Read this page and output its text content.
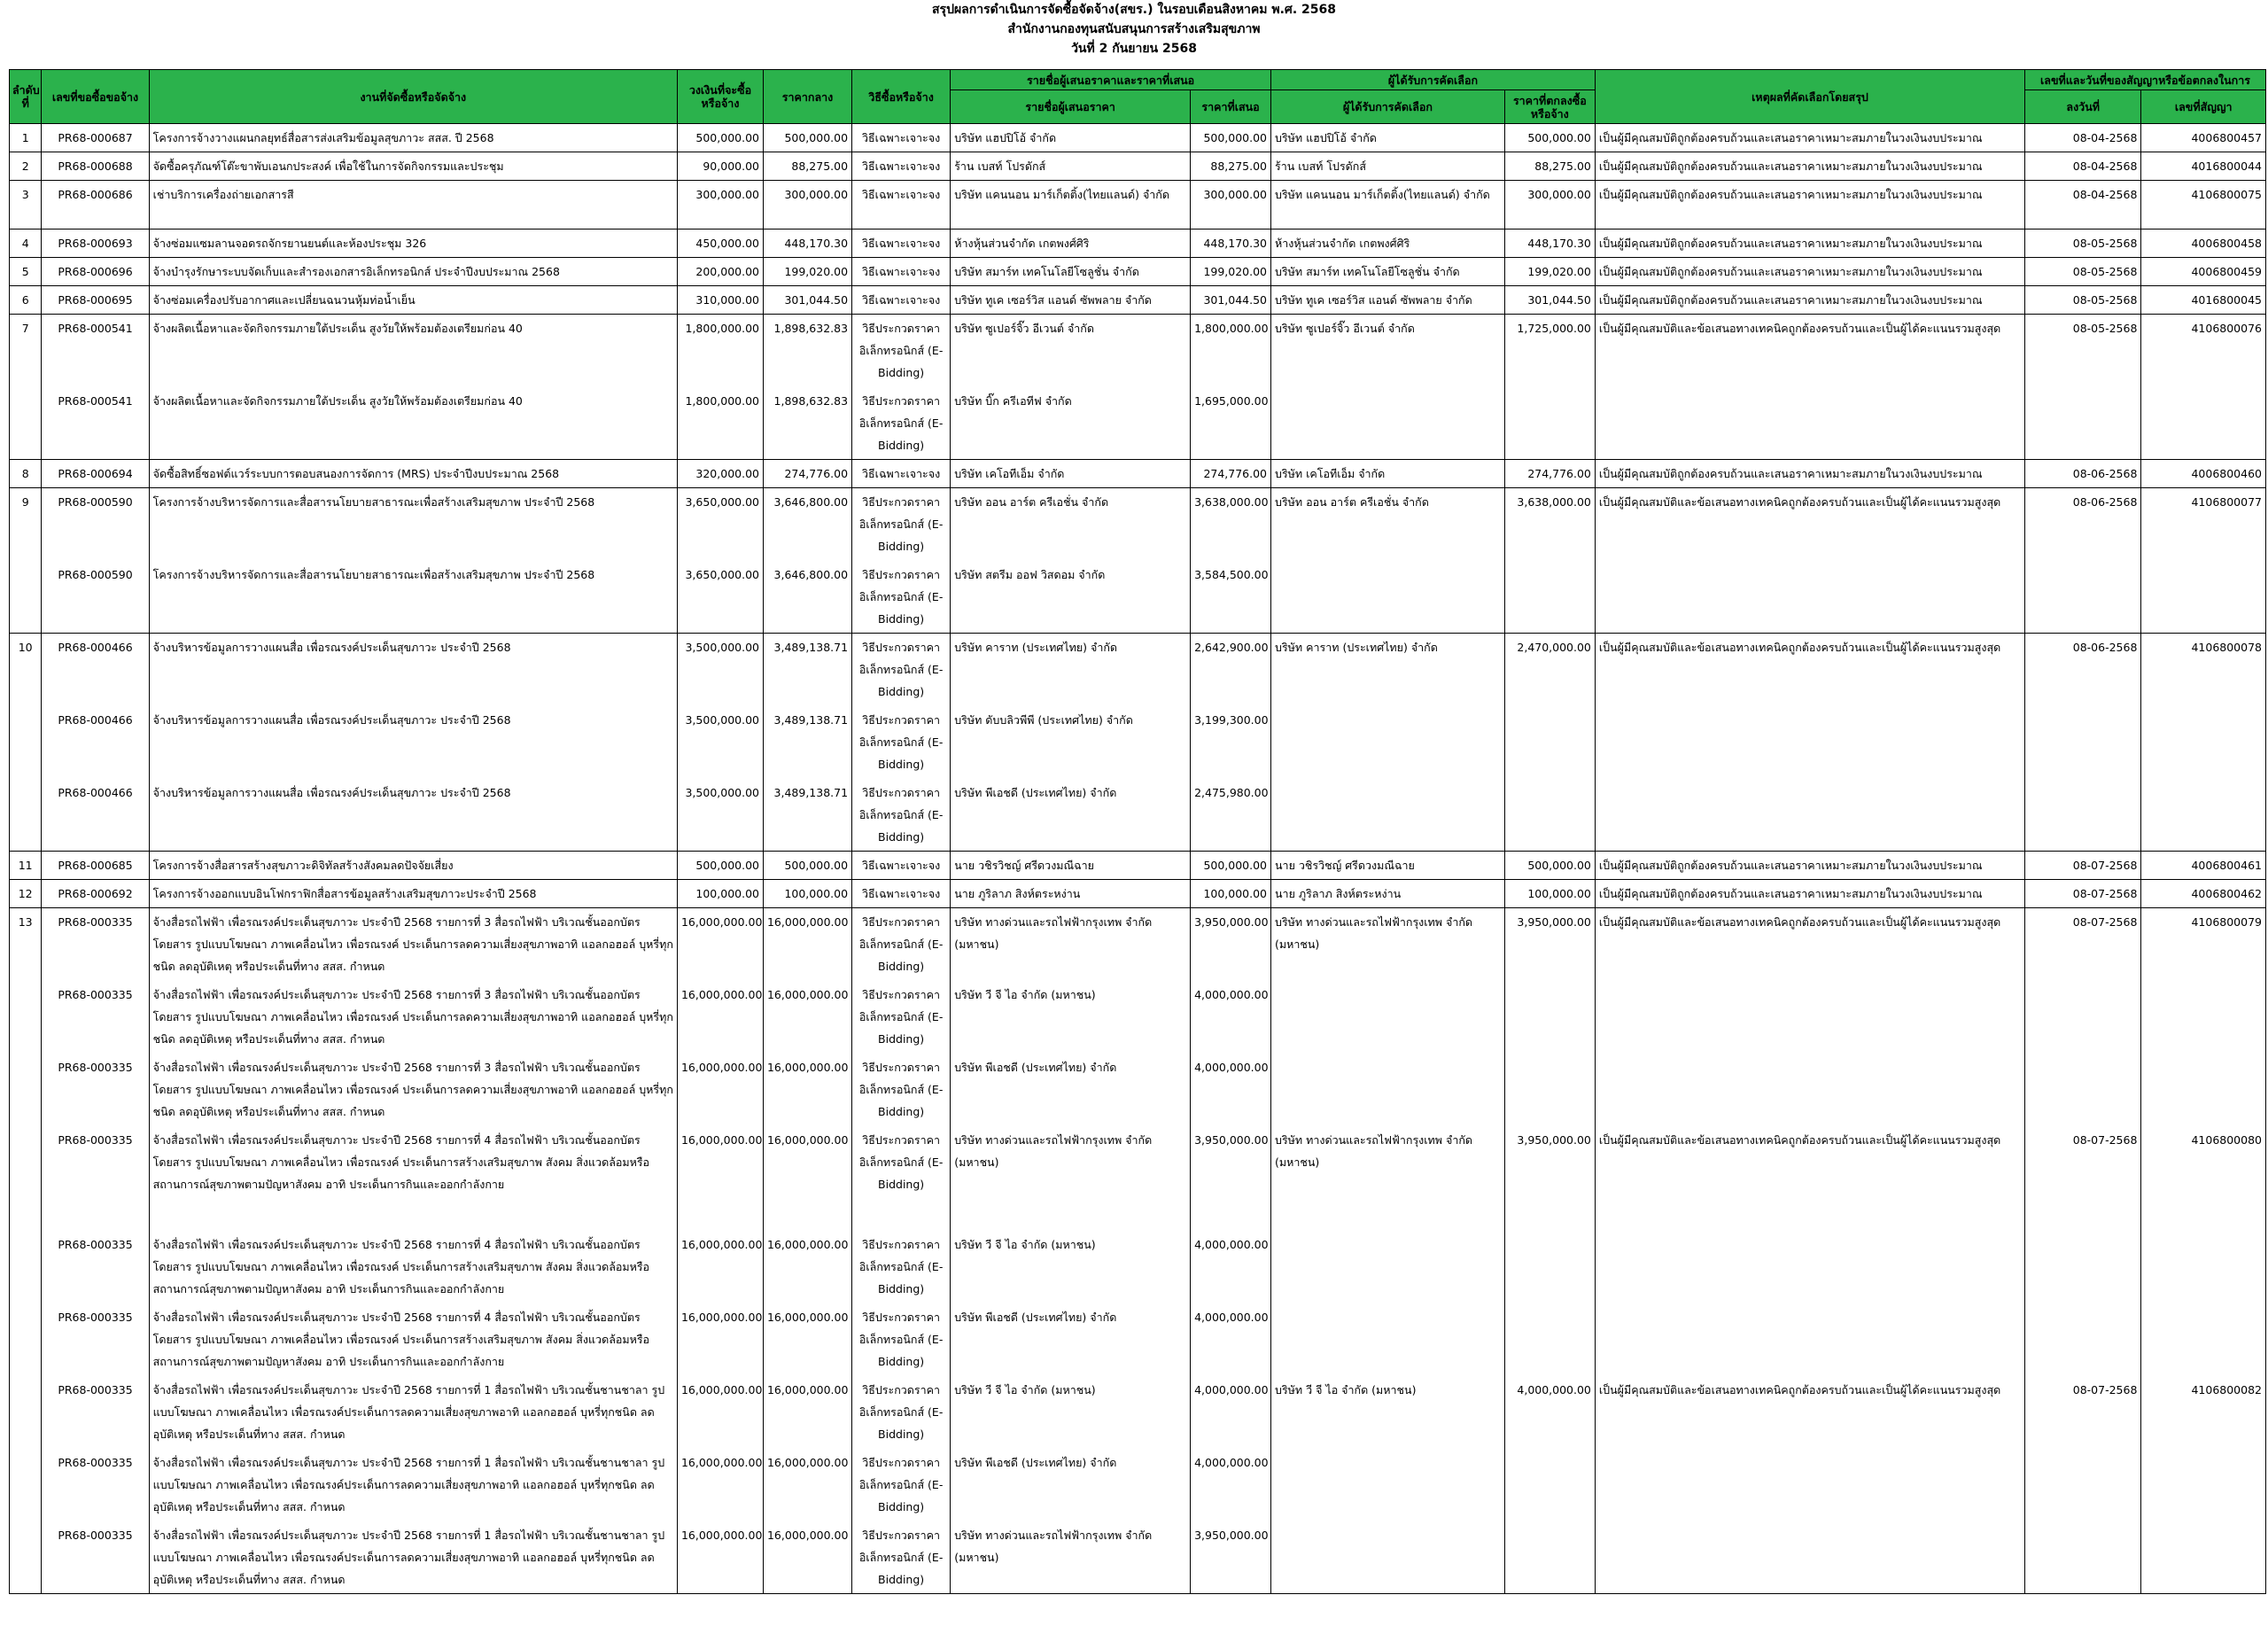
สรุปผลการดำเนินการจัดซื้อจัดจ้าง(สขร.) ในรอบเดือนสิงหาคม พ.ศ. 2568
สำนักงานกองทุนสนับสนุนการสร้างเสริมสุขภาพ
วันที่ 2 กันยายน 2568
ลำดับที่	เลขที่ขอซื้อขอจ้าง	งานที่จัดซื้อหรือจัดจ้าง	วงเงินที่จะซื้อหรือจ้าง	ราคากลาง	วิธีซื้อหรือจ้าง	รายชื่อผู้เสนอราคาและราคาที่เสนอ		ผู้ได้รับการคัดเลือก		เหตุผลที่คัดเลือกโดยสรุป	เลขที่และวันที่ของสัญญาหรือข้อตกลงในการ	
						รายชื่อผู้เสนอราคา	ราคาที่เสนอ	ผู้ได้รับการคัดเลือก	ราคาที่ตกลงซื้อหรือจ้าง		ลงวันที่	เลขที่สัญญา
1	PR68-000687	โครงการจ้างวางแผนกลยุทธ์สื่อสารส่งเสริมข้อมูลสุขภาวะ สสส. ปี 2568	500,000.00	500,000.00	วิธีเฉพาะเจาะจง	บริษัท แฮปปิโอ้ จำกัด	500,000.00	บริษัท แฮปปิโอ้ จำกัด	500,000.00	เป็นผู้มีคุณสมบัติถูกต้องครบถ้วนและเสนอราคาเหมาะสมภายในวงเงินงบประมาณ	08-04-2568	4006800457
2	PR68-000688	จัดซื้อครุภัณฑ์โต๊ะขาพับเอนกประสงค์ เพื่อใช้ในการจัดกิจกรรมและประชุม	90,000.00	88,275.00	วิธีเฉพาะเจาะจง	ร้าน เบสท์ โปรดักส์	88,275.00	ร้าน เบสท์ โปรดักส์	88,275.00	เป็นผู้มีคุณสมบัติถูกต้องครบถ้วนและเสนอราคาเหมาะสมภายในวงเงินงบประมาณ	08-04-2568	4016800044
3	PR68-000686	เช่าบริการเครื่องถ่ายเอกสารสี	300,000.00	300,000.00	วิธีเฉพาะเจาะจง	บริษัท แคนนอน มาร์เก็ตติ้ง(ไทยแลนด์) จำกัด	300,000.00	บริษัท แคนนอน มาร์เก็ตติ้ง(ไทยแลนด์) จำกัด	300,000.00	เป็นผู้มีคุณสมบัติถูกต้องครบถ้วนและเสนอราคาเหมาะสมภายในวงเงินงบประมาณ	08-04-2568	4106800075
4	PR68-000693	จ้างซ่อมแซมลานจอดรถจักรยานยนต์และห้องประชุม 326	450,000.00	448,170.30	วิธีเฉพาะเจาะจง	ห้างหุ้นส่วนจำกัด เกตพงศ์ศิริ	448,170.30	ห้างหุ้นส่วนจำกัด เกตพงศ์ศิริ	448,170.30	เป็นผู้มีคุณสมบัติถูกต้องครบถ้วนและเสนอราคาเหมาะสมภายในวงเงินงบประมาณ	08-05-2568	4006800458
5	PR68-000696	จ้างบำรุงรักษาระบบจัดเก็บและสำรองเอกสารอิเล็กทรอนิกส์ ประจำปีงบประมาณ 2568	200,000.00	199,020.00	วิธีเฉพาะเจาะจง	บริษัท สมาร์ท เทคโนโลยีโซลูชั่น จำกัด	199,020.00	บริษัท สมาร์ท เทคโนโลยีโซลูชั่น จำกัด	199,020.00	เป็นผู้มีคุณสมบัติถูกต้องครบถ้วนและเสนอราคาเหมาะสมภายในวงเงินงบประมาณ	08-05-2568	4006800459
6	PR68-000695	จ้างซ่อมเครื่องปรับอากาศและเปลี่ยนฉนวนหุ้มท่อน้ำเย็น	310,000.00	301,044.50	วิธีเฉพาะเจาะจง	บริษัท ทูเค เซอร์วิส แอนด์ ซัพพลาย จำกัด	301,044.50	บริษัท ทูเค เซอร์วิส แอนด์ ซัพพลาย จำกัด	301,044.50	เป็นผู้มีคุณสมบัติถูกต้องครบถ้วนและเสนอราคาเหมาะสมภายในวงเงินงบประมาณ	08-05-2568	4016800045
7	PR68-000541	จ้างผลิตเนื้อหาและจัดกิจกรรมภายใต้ประเด็น สูงวัยให้พร้อมต้องเตรียมก่อน 40	1,800,000.00	1,898,632.83	วิธีประกวดราคาอิเล็กทรอนิกส์ (E-Bidding)	บริษัท ซูเปอร์จิ๊ว อีเวนต์ จำกัด	1,800,000.00	บริษัท ซูเปอร์จิ๊ว อีเวนต์ จำกัด	1,725,000.00	เป็นผู้มีคุณสมบัติและข้อเสนอทางเทคนิคถูกต้องครบถ้วนและเป็นผู้ได้คะแนนรวมสูงสุด	08-05-2568	4106800076
	PR68-000541	จ้างผลิตเนื้อหาและจัดกิจกรรมภายใต้ประเด็น สูงวัยให้พร้อมต้องเตรียมก่อน 40	1,800,000.00	1,898,632.83	วิธีประกวดราคาอิเล็กทรอนิกส์ (E-Bidding)	บริษัท บิ๊ก ครีเอทีฟ จำกัด	1,695,000.00					
8	PR68-000694	จัดซื้อสิทธิ์ซอฟต์แวร์ระบบการตอบสนองการจัดการ (MRS) ประจำปีงบประมาณ 2568	320,000.00	274,776.00	วิธีเฉพาะเจาะจง	บริษัท เคโอทีเอ็ม จำกัด	274,776.00	บริษัท เคโอทีเอ็ม จำกัด	274,776.00	เป็นผู้มีคุณสมบัติถูกต้องครบถ้วนและเสนอราคาเหมาะสมภายในวงเงินงบประมาณ	08-06-2568	4006800460
9	PR68-000590	โครงการจ้างบริหารจัดการและสื่อสารนโยบายสาธารณะเพื่อสร้างเสริมสุขภาพ ประจำปี 2568	3,650,000.00	3,646,800.00	วิธีประกวดราคาอิเล็กทรอนิกส์ (E-Bidding)	บริษัท ออน อาร์ต ครีเอชั่น จำกัด	3,638,000.00	บริษัท ออน อาร์ต ครีเอชั่น จำกัด	3,638,000.00	เป็นผู้มีคุณสมบัติและข้อเสนอทางเทคนิคถูกต้องครบถ้วนและเป็นผู้ได้คะแนนรวมสูงสุด	08-06-2568	4106800077
	PR68-000590	โครงการจ้างบริหารจัดการและสื่อสารนโยบายสาธารณะเพื่อสร้างเสริมสุขภาพ ประจำปี 2568	3,650,000.00	3,646,800.00	วิธีประกวดราคาอิเล็กทรอนิกส์ (E-Bidding)	บริษัท สตรีม ออฟ วิสดอม จำกัด	3,584,500.00					
10	PR68-000466	จ้างบริหารข้อมูลการวางแผนสื่อ เพื่อรณรงค์ประเด็นสุขภาวะ ประจำปี 2568	3,500,000.00	3,489,138.71	วิธีประกวดราคาอิเล็กทรอนิกส์ (E-Bidding)	บริษัท คาราท (ประเทศไทย) จำกัด	2,642,900.00	บริษัท คาราท (ประเทศไทย) จำกัด	2,470,000.00	เป็นผู้มีคุณสมบัติและข้อเสนอทางเทคนิคถูกต้องครบถ้วนและเป็นผู้ได้คะแนนรวมสูงสุด	08-06-2568	4106800078
	PR68-000466	จ้างบริหารข้อมูลการวางแผนสื่อ เพื่อรณรงค์ประเด็นสุขภาวะ ประจำปี 2568	3,500,000.00	3,489,138.71	วิธีประกวดราคาอิเล็กทรอนิกส์ (E-Bidding)	บริษัท ดับบลิวพีพี (ประเทศไทย) จำกัด	3,199,300.00					
	PR68-000466	จ้างบริหารข้อมูลการวางแผนสื่อ เพื่อรณรงค์ประเด็นสุขภาวะ ประจำปี 2568	3,500,000.00	3,489,138.71	วิธีประกวดราคาอิเล็กทรอนิกส์ (E-Bidding)	บริษัท พีเอชดี (ประเทศไทย) จำกัด	2,475,980.00					
11	PR68-000685	โครงการจ้างสื่อสารสร้างสุขภาวะดิจิทัลสร้างสังคมลดปัจจัยเสี่ยง	500,000.00	500,000.00	วิธีเฉพาะเจาะจง	นาย วชิรวิชญ์ ศรีดวงมณีฉาย	500,000.00	นาย วชิรวิชญ์ ศรีดวงมณีฉาย	500,000.00	เป็นผู้มีคุณสมบัติถูกต้องครบถ้วนและเสนอราคาเหมาะสมภายในวงเงินงบประมาณ	08-07-2568	4006800461
12	PR68-000692	โครงการจ้างออกแบบอินโฟกราฟิกสื่อสารข้อมูลสร้างเสริมสุขภาวะประจำปี 2568	100,000.00	100,000.00	วิธีเฉพาะเจาะจง	นาย ภูริลาภ สิงห์ตระหง่าน	100,000.00	นาย ภูริลาภ สิงห์ตระหง่าน	100,000.00	เป็นผู้มีคุณสมบัติถูกต้องครบถ้วนและเสนอราคาเหมาะสมภายในวงเงินงบประมาณ	08-07-2568	4006800462
13	PR68-000335	จ้างสื่อรถไฟฟ้า เพื่อรณรงค์ประเด็นสุขภาวะ ประจำปี 2568 รายการที่ 3 สื่อรถไฟฟ้า บริเวณชั้นออกบัตรโดยสาร รูปแบบโฆษณา ภาพเคลื่อนไหว เพื่อรณรงค์ ประเด็นการลดความเสี่ยงสุขภาพอาทิ แอลกอฮอล์ บุหรี่ทุกชนิด ลดอุบัติเหตุ หรือประเด็นที่ทาง สสส. กำหนด	16,000,000.00	16,000,000.00	วิธีประกวดราคาอิเล็กทรอนิกส์ (E-Bidding)	บริษัท ทางด่วนและรถไฟฟ้ากรุงเทพ จำกัด (มหาชน)	3,950,000.00	บริษัท ทางด่วนและรถไฟฟ้ากรุงเทพ จำกัด (มหาชน)	3,950,000.00	เป็นผู้มีคุณสมบัติและข้อเสนอทางเทคนิคถูกต้องครบถ้วนและเป็นผู้ได้คะแนนรวมสูงสุด	08-07-2568	4106800079
	PR68-000335	จ้างสื่อรถไฟฟ้า เพื่อรณรงค์ประเด็นสุขภาวะ ประจำปี 2568 รายการที่ 3 สื่อรถไฟฟ้า บริเวณชั้นออกบัตรโดยสาร รูปแบบโฆษณา ภาพเคลื่อนไหว เพื่อรณรงค์ ประเด็นการลดความเสี่ยงสุขภาพอาทิ แอลกอฮอล์ บุหรี่ทุกชนิด ลดอุบัติเหตุ หรือประเด็นที่ทาง สสส. กำหนด	16,000,000.00	16,000,000.00	วิธีประกวดราคาอิเล็กทรอนิกส์ (E-Bidding)	บริษัท วี จี ไอ จำกัด (มหาชน)	4,000,000.00					
	PR68-000335	จ้างสื่อรถไฟฟ้า เพื่อรณรงค์ประเด็นสุขภาวะ ประจำปี 2568 รายการที่ 3 สื่อรถไฟฟ้า บริเวณชั้นออกบัตรโดยสาร รูปแบบโฆษณา ภาพเคลื่อนไหว เพื่อรณรงค์ ประเด็นการลดความเสี่ยงสุขภาพอาทิ แอลกอฮอล์ บุหรี่ทุกชนิด ลดอุบัติเหตุ หรือประเด็นที่ทาง สสส. กำหนด	16,000,000.00	16,000,000.00	วิธีประกวดราคาอิเล็กทรอนิกส์ (E-Bidding)	บริษัท พีเอชดี (ประเทศไทย) จำกัด	4,000,000.00					
	PR68-000335	จ้างสื่อรถไฟฟ้า เพื่อรณรงค์ประเด็นสุขภาวะ ประจำปี 2568 รายการที่ 4 สื่อรถไฟฟ้า บริเวณชั้นออกบัตรโดยสาร รูปแบบโฆษณา ภาพเคลื่อนไหว เพื่อรณรงค์ ประเด็นการสร้างเสริมสุขภาพ สังคม สิ่งแวดล้อมหรือสถานการณ์สุขภาพตามปัญหาสังคม อาทิ ประเด็นการกินและออกกำลังกาย	16,000,000.00	16,000,000.00	วิธีประกวดราคาอิเล็กทรอนิกส์ (E-Bidding)	บริษัท ทางด่วนและรถไฟฟ้ากรุงเทพ จำกัด (มหาชน)	3,950,000.00	บริษัท ทางด่วนและรถไฟฟ้ากรุงเทพ จำกัด (มหาชน)	3,950,000.00	เป็นผู้มีคุณสมบัติและข้อเสนอทางเทคนิคถูกต้องครบถ้วนและเป็นผู้ได้คะแนนรวมสูงสุด	08-07-2568	4106800080
	PR68-000335	จ้างสื่อรถไฟฟ้า เพื่อรณรงค์ประเด็นสุขภาวะ ประจำปี 2568 รายการที่ 4 สื่อรถไฟฟ้า บริเวณชั้นออกบัตรโดยสาร รูปแบบโฆษณา ภาพเคลื่อนไหว เพื่อรณรงค์ ประเด็นการสร้างเสริมสุขภาพ สังคม สิ่งแวดล้อมหรือสถานการณ์สุขภาพตามปัญหาสังคม อาทิ ประเด็นการกินและออกกำลังกาย	16,000,000.00	16,000,000.00	วิธีประกวดราคาอิเล็กทรอนิกส์ (E-Bidding)	บริษัท วี จี ไอ จำกัด (มหาชน)	4,000,000.00					
	PR68-000335	จ้างสื่อรถไฟฟ้า เพื่อรณรงค์ประเด็นสุขภาวะ ประจำปี 2568 รายการที่ 4 สื่อรถไฟฟ้า บริเวณชั้นออกบัตรโดยสาร รูปแบบโฆษณา ภาพเคลื่อนไหว เพื่อรณรงค์ ประเด็นการสร้างเสริมสุขภาพ สังคม สิ่งแวดล้อมหรือสถานการณ์สุขภาพตามปัญหาสังคม อาทิ ประเด็นการกินและออกกำลังกาย	16,000,000.00	16,000,000.00	วิธีประกวดราคาอิเล็กทรอนิกส์ (E-Bidding)	บริษัท พีเอชดี (ประเทศไทย) จำกัด	4,000,000.00					
	PR68-000335	จ้างสื่อรถไฟฟ้า เพื่อรณรงค์ประเด็นสุขภาวะ ประจำปี 2568 รายการที่ 1 สื่อรถไฟฟ้า บริเวณชั้นชานชาลา รูปแบบโฆษณา ภาพเคลื่อนไหว เพื่อรณรงค์ประเด็นการลดความเสี่ยงสุขภาพอาทิ แอลกอฮอล์ บุหรี่ทุกชนิด ลดอุบัติเหตุ หรือประเด็นที่ทาง สสส. กำหนด	16,000,000.00	16,000,000.00	วิธีประกวดราคาอิเล็กทรอนิกส์ (E-Bidding)	บริษัท วี จี ไอ จำกัด (มหาชน)	4,000,000.00	บริษัท วี จี ไอ จำกัด (มหาชน)	4,000,000.00	เป็นผู้มีคุณสมบัติและข้อเสนอทางเทคนิคถูกต้องครบถ้วนและเป็นผู้ได้คะแนนรวมสูงสุด	08-07-2568	4106800082
	PR68-000335	จ้างสื่อรถไฟฟ้า เพื่อรณรงค์ประเด็นสุขภาวะ ประจำปี 2568 รายการที่ 1 สื่อรถไฟฟ้า บริเวณชั้นชานชาลา รูปแบบโฆษณา ภาพเคลื่อนไหว เพื่อรณรงค์ประเด็นการลดความเสี่ยงสุขภาพอาทิ แอลกอฮอล์ บุหรี่ทุกชนิด ลดอุบัติเหตุ หรือประเด็นที่ทาง สสส. กำหนด	16,000,000.00	16,000,000.00	วิธีประกวดราคาอิเล็กทรอนิกส์ (E-Bidding)	บริษัท พีเอชดี (ประเทศไทย) จำกัด	4,000,000.00					
	PR68-000335	จ้างสื่อรถไฟฟ้า เพื่อรณรงค์ประเด็นสุขภาวะ ประจำปี 2568 รายการที่ 1 สื่อรถไฟฟ้า บริเวณชั้นชานชาลา รูปแบบโฆษณา ภาพเคลื่อนไหว เพื่อรณรงค์ประเด็นการลดความเสี่ยงสุขภาพอาทิ แอลกอฮอล์ บุหรี่ทุกชนิด ลดอุบัติเหตุ หรือประเด็นที่ทาง สสส. กำหนด	16,000,000.00	16,000,000.00	วิธีประกวดราคาอิเล็กทรอนิกส์ (E-Bidding)	บริษัท ทางด่วนและรถไฟฟ้ากรุงเทพ จำกัด (มหาชน)	3,950,000.00					
